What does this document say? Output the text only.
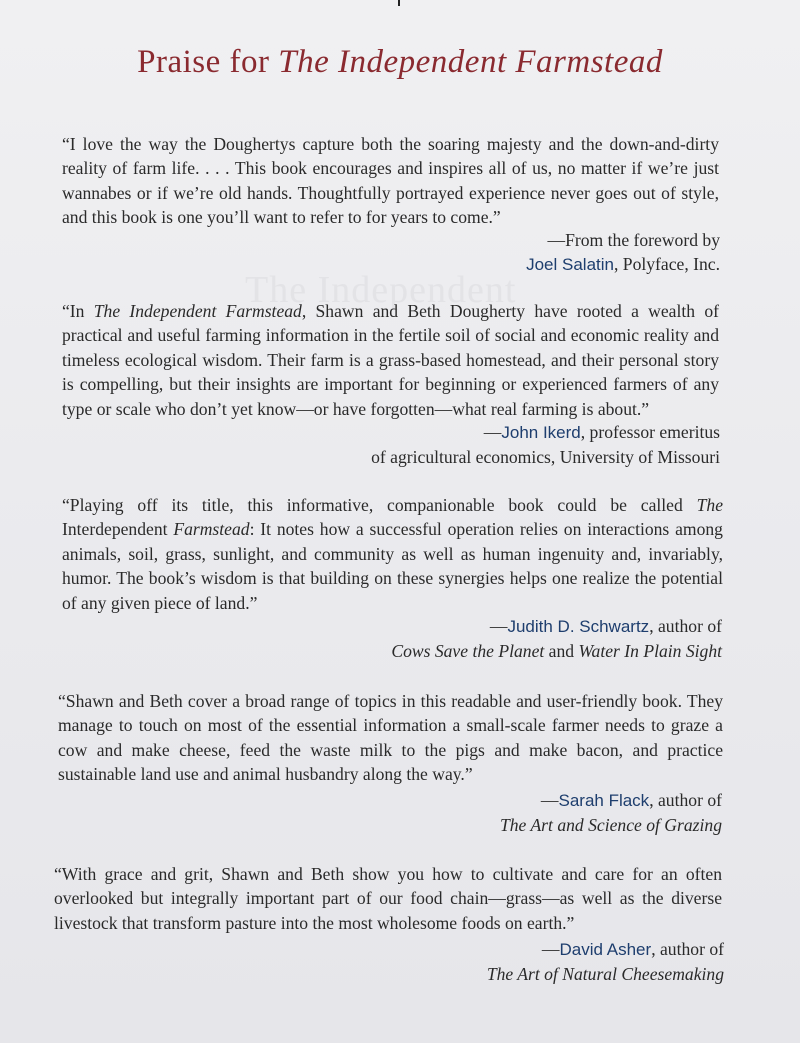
The Independent
Praise for The Independent Farmstead

“I love the way the Doughertys capture both the soaring majesty and the down-and-dirty reality of farm life. . . . This book encourages and inspires all of us, no matter if we’re just wannabes or if we’re old hands. Thoughtfully portrayed experience never goes out of style, and this book is one you’ll want to refer to for years to come.”

—From the foreword by
Joel Salatin, Polyface, Inc.

“In The Independent Farmstead, Shawn and Beth Dougherty have rooted a wealth of practical and useful farming information in the fertile soil of social and economic reality and timeless ecological wisdom. Their farm is a grass-based homestead, and their personal story is compelling, but their insights are important for beginning or experienced farmers of any type or scale who don’t yet know—or have forgotten—what real farming is about.”

—John Ikerd, professor emeritus
of agricultural economics, University of Missouri

“Playing off its title, this informative, companionable book could be called The Interdependent Farmstead: It notes how a successful operation relies on interactions among animals, soil, grass, sunlight, and community as well as human ingenuity and, invariably, humor. The book’s wisdom is that building on these synergies helps one realize the potential of any given piece of land.”

—Judith D. Schwartz, author of
Cows Save the Planet and Water In Plain Sight

“Shawn and Beth cover a broad range of topics in this readable and user-friendly book. They manage to touch on most of the essential information a small-scale farmer needs to graze a cow and make cheese, feed the waste milk to the pigs and make bacon, and practice sustainable land use and animal husbandry along the way.”

—Sarah Flack, author of
The Art and Science of Grazing

“With grace and grit, Shawn and Beth show you how to cultivate and care for an often overlooked but integrally important part of our food chain—grass—as well as the diverse livestock that transform pasture into the most wholesome foods on earth.”

—David Asher, author of
The Art of Natural Cheesemaking
